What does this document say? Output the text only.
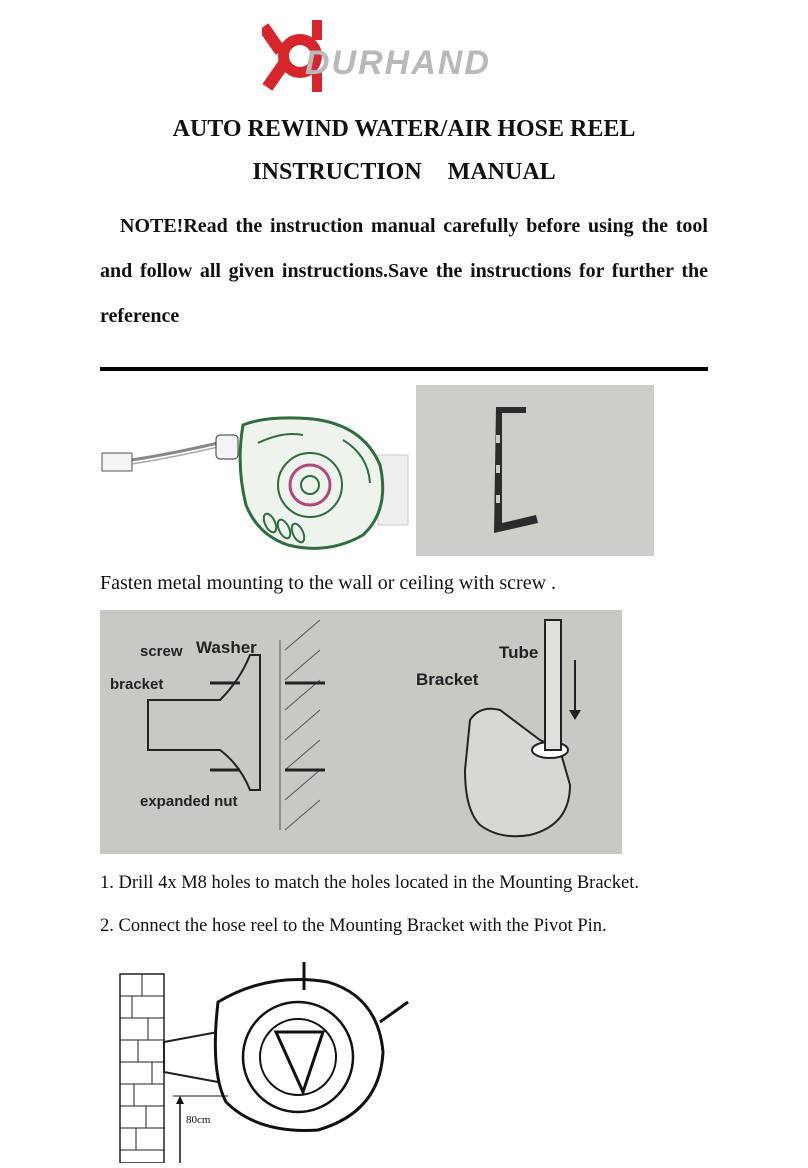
DURHAND
AUTO REWIND WATER/AIR HOSE REEL
INSTRUCTION MANUAL
NOTE!Read the instruction manual carefully before using the tool and follow all given instructions.Save the instructions for further the reference
Fasten metal mounting to the wall or ceiling with screw .
screw Washer
bracket
expanded nut
Tube
Bracket
1. Drill 4x M8 holes to match the holes located in the Mounting Bracket.
2. Connect the hose reel to the Mounting Bracket with the Pivot Pin.
80cm
